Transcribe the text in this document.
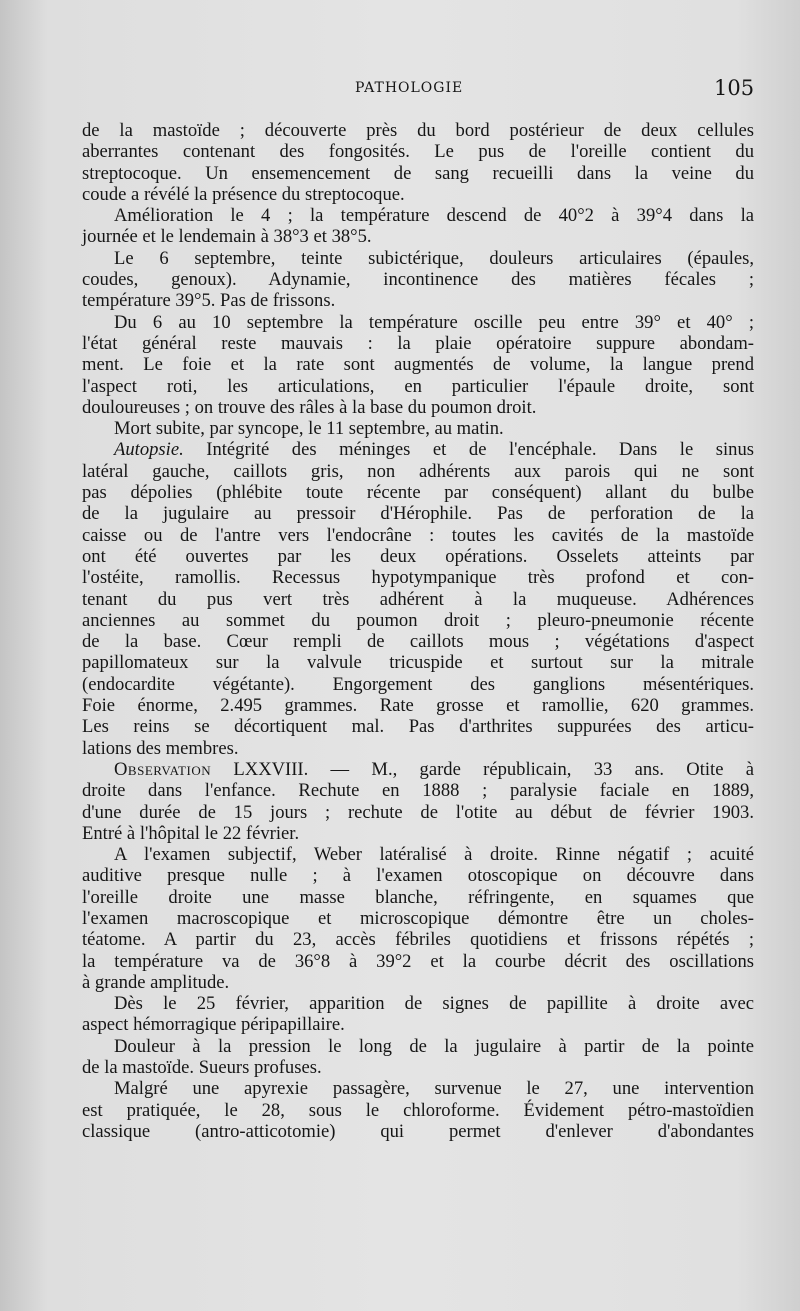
PATHOLOGIE	105
de la mastoïde ; découverte près du bord postérieur de deux cellules
aberrantes contenant des fongosités. Le pus de l'oreille contient du
streptocoque. Un ensemencement de sang recueilli dans la veine du
coude a révélé la présence du streptocoque.
Amélioration le 4 ; la température descend de 40°2 à 39°4 dans la
journée et le lendemain à 38°3 et 38°5.
Le 6 septembre, teinte subictérique, douleurs articulaires (épaules,
coudes, genoux). Adynamie, incontinence des matières fécales ;
température 39°5. Pas de frissons.
Du 6 au 10 septembre la température oscille peu entre 39° et 40° ;
l'état général reste mauvais : la plaie opératoire suppure abondam-
ment. Le foie et la rate sont augmentés de volume, la langue prend
l'aspect roti, les articulations, en particulier l'épaule droite, sont
douloureuses ; on trouve des râles à la base du poumon droit.
Mort subite, par syncope, le 11 septembre, au matin.
Autopsie. Intégrité des méninges et de l'encéphale. Dans le sinus
latéral gauche, caillots gris, non adhérents aux parois qui ne sont
pas dépolies (phlébite toute récente par conséquent) allant du bulbe
de la jugulaire au pressoir d'Hérophile. Pas de perforation de la
caisse ou de l'antre vers l'endocrâne : toutes les cavités de la mastoïde
ont été ouvertes par les deux opérations. Osselets atteints par
l'ostéite, ramollis. Recessus hypotympanique très profond et con-
tenant du pus vert très adhérent à la muqueuse. Adhérences
anciennes au sommet du poumon droit ; pleuro-pneumonie récente
de la base. Cœur rempli de caillots mous ; végétations d'aspect
papillomateux sur la valvule tricuspide et surtout sur la mitrale
(endocardite végétante). Engorgement des ganglions mésentériques.
Foie énorme, 2.495 grammes. Rate grosse et ramollie, 620 grammes.
Les reins se décortiquent mal. Pas d'arthrites suppurées des articu-
lations des membres.
Observation LXXVIII. — M., garde républicain, 33 ans. Otite à
droite dans l'enfance. Rechute en 1888 ; paralysie faciale en 1889,
d'une durée de 15 jours ; rechute de l'otite au début de février 1903.
Entré à l'hôpital le 22 février.
A l'examen subjectif, Weber latéralisé à droite. Rinne négatif ; acuité
auditive presque nulle ; à l'examen otoscopique on découvre dans
l'oreille droite une masse blanche, réfringente, en squames que
l'examen macroscopique et microscopique démontre être un choles-
téatome. A partir du 23, accès fébriles quotidiens et frissons répétés ;
la température va de 36°8 à 39°2 et la courbe décrit des oscillations
à grande amplitude.
Dès le 25 février, apparition de signes de papillite à droite avec
aspect hémorragique péripapillaire.
Douleur à la pression le long de la jugulaire à partir de la pointe
de la mastoïde. Sueurs profuses.
Malgré une apyrexie passagère, survenue le 27, une intervention
est pratiquée, le 28, sous le chloroforme. Évidement pétro-mastoïdien
classique (antro-atticotomie) qui permet d'enlever d'abondantes
